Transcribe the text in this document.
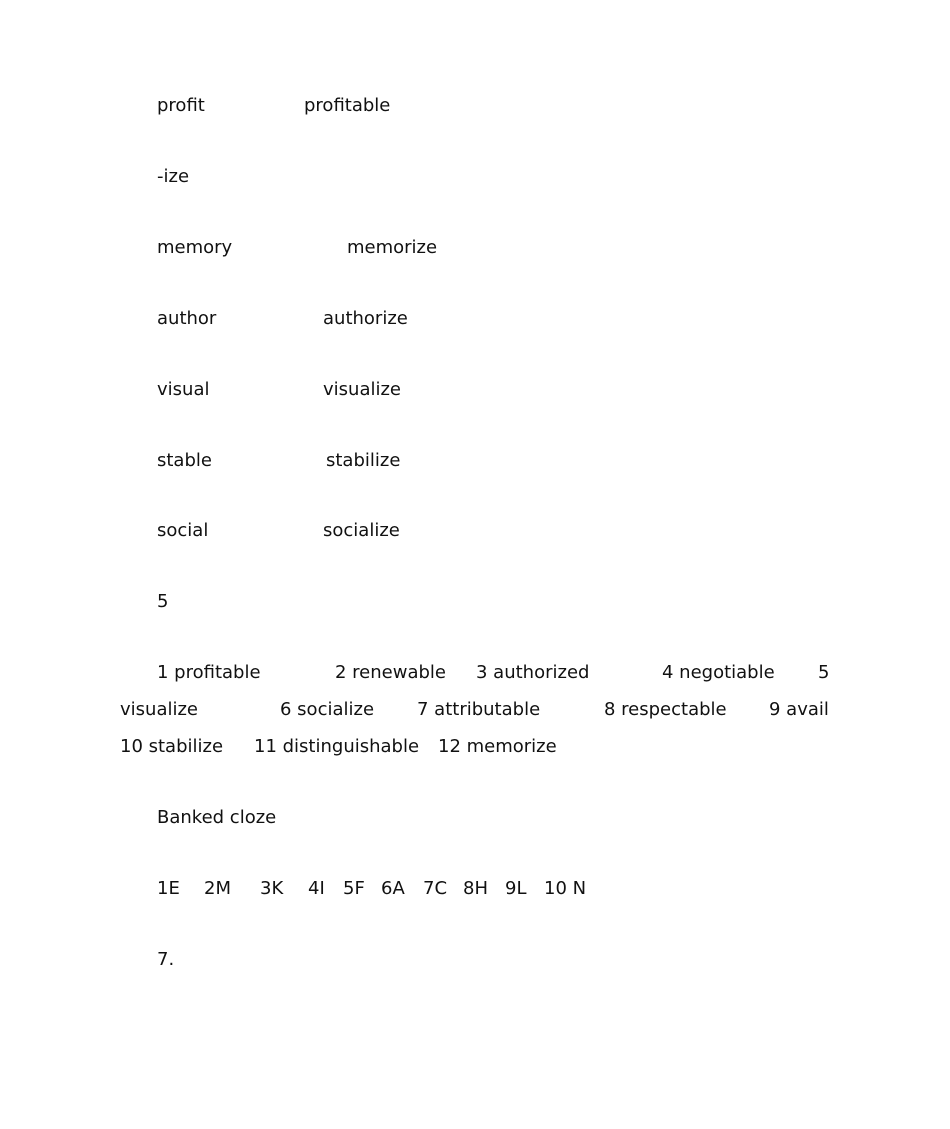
profit	profitable
-ize
memory	memorize
author	authorize
visual	visualize
stable	stabilize
social	socialize
5
1 profitable	2 renewable 3 authorized	4 negotiable 5
visualize	6 socialize 7 attributable	8 respectable 9 avail
10 stabilize 11 distinguishable 12 memorize
Banked cloze
1E 2M 3K 4I 5F 6A 7C 8H 9L 10 N
7.
